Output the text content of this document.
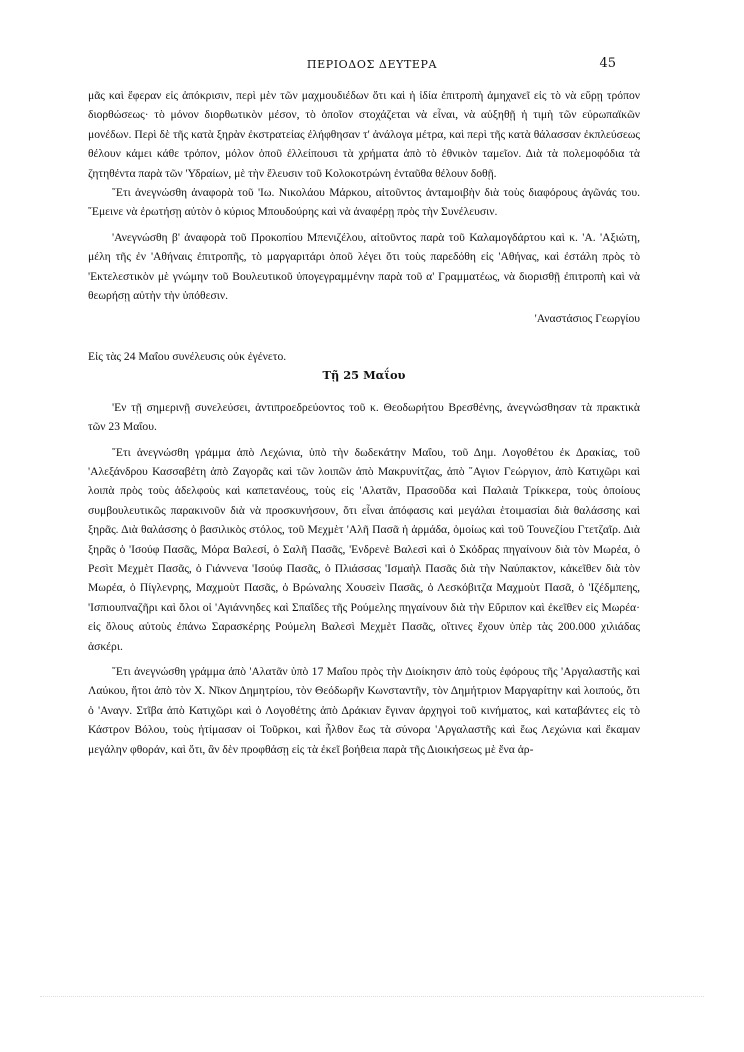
ΠΕΡΙΟΔΟΣ ΔΕΥΤΕΡΑ	45

μᾶς καὶ ἔφεραν εἰς ἀπόκρισιν, περὶ μὲν τῶν μαχμουδιέδων ὅτι καὶ ἡ ἰδία ἐπιτροπὴ ἀμηχανεῖ εἰς τὸ νὰ εὕρῃ τρόπον διορθώσεως· τὸ μόνον διορθωτικὸν μέσον, τὸ ὁποῖον στοχάζεται νὰ εἶναι, νὰ αὐξηθῇ ἡ τιμὴ τῶν εὐρωπαϊκῶν μονέδων. Περὶ δὲ τῆς κατὰ ξηρὰν ἐκστρατείας ἐλήφθησαν τ' ἀνάλογα μέτρα, καὶ περὶ τῆς κατὰ θάλασσαν ἐκπλεύσεως θέλουν κάμει κάθε τρόπον, μόλον ὁποῦ ἐλλείπουσι τὰ χρήματα ἀπὸ τὸ ἐθνικὸν ταμεῖον. Διὰ τὰ πολεμοφόδια τὰ ζητηθέντα παρὰ τῶν 'Υδραίων, μὲ τὴν ἔλευσιν τοῦ Κολοκοτρώνη ἐνταῦθα θέλουν δοθῇ.

῞Ετι ἀνεγνώσθη ἀναφορὰ τοῦ 'Ιω. Νικολάου Μάρκου, αἰτοῦντος ἀνταμοιβὴν διὰ τοὺς διαφόρους ἀγῶνάς του. ῞Εμεινε νὰ ἐρωτήσῃ αὐτὸν ὁ κύριος Μπουδούρης καὶ νὰ ἀναφέρῃ πρὸς τὴν Συνέλευσιν.

'Ανεγνώσθη β' ἀναφορὰ τοῦ Προκοπίου Μπενιζέλου, αἰτοῦντος παρὰ τοῦ Καλαμογδάρτου καὶ κ. 'Α. 'Αξιώτη, μέλη τῆς ἐν 'Αθήναις ἐπιτροπῆς, τὸ μαργαριτάρι ὁποῦ λέγει ὅτι τοὺς παρεδόθη εἰς 'Αθήνας, καὶ ἐστάλη πρὸς τὸ 'Εκτελεστικὸν μὲ γνώμην τοῦ Βουλευτικοῦ ὑπογεγραμμένην παρὰ τοῦ α' Γραμματέως, νὰ διορισθῇ ἐπιτροπὴ καὶ νὰ θεωρήσῃ αὐτὴν τὴν ὑπόθεσιν.

'Αναστάσιος Γεωργίου

Εἰς τὰς 24 Μαΐου συνέλευσις οὐκ ἐγένετο.

Τῇ 25 Μαΐου

'Εν τῇ σημερινῇ συνελεύσει, ἀντιπροεδρεύοντος τοῦ κ. Θεοδωρήτου Βρεσθένης, ἀνεγνώσθησαν τὰ πρακτικὰ τῶν 23 Μαΐου.

῞Ετι ἀνεγνώσθη γράμμα ἀπὸ Λεχώνια, ὑπὸ τὴν δωδεκάτην Μαΐου, τοῦ Δημ. Λογοθέτου ἐκ Δρακίας, τοῦ 'Αλεξάνδρου Κασσαβέτη ἀπὸ Ζαγορᾶς καὶ τῶν λοιπῶν ἀπὸ Μακρυνίτζας, ἀπὸ ῞Αγιον Γεώργιον, ἀπὸ Κατιχῶρι καὶ λοιπὰ πρὸς τοὺς ἀδελφοὺς καὶ καπετανέους, τοὺς εἰς 'Αλατᾶν, Πρασοῦδα καὶ Παλαιὰ Τρίκκερα, τοὺς ὁποίους συμβουλευτικῶς παρακινοῦν διὰ νὰ προσκυνήσουν, ὅτι εἶναι ἀπόφασις καὶ μεγάλαι ἑτοιμασίαι διὰ θαλάσσης καὶ ξηρᾶς. Διὰ θαλάσσης ὁ βασιλικὸς στόλος, τοῦ Μεχμὲτ 'Αλῆ Πασᾶ ἡ ἀρμάδα, ὁμοίως καὶ τοῦ Τουνεζίου Γτετζαῖρ. Διὰ ξηρᾶς ὁ 'Ισούφ Πασᾶς, Μόρα Βαλεσί, ὁ Σαλῆ Πασᾶς, 'Ενδρενὲ Βαλεσὶ καὶ ὁ Σκόδρας πηγαίνουν διὰ τὸν Μωρέα, ὁ Ρεσὶτ Μεχμὲτ Πασᾶς, ὁ Γιάννενα 'Ισούφ Πασᾶς, ὁ Πλιάσσας 'Ισμαὴλ Πασᾶς διὰ τὴν Ναύπακτον, κἀκεῖθεν διὰ τὸν Μωρέα, ὁ Πίγλενρης, Μαχμοὺτ Πασᾶς, ὁ Βρώναλης Χουσεὶν Πασᾶς, ὁ Λεσκόβιτζα Μαχμοὺτ Πασᾶ, ὁ 'Ιζέδμπεης, 'Ισπιουπναζῆρι καὶ ὅλοι οἱ 'Αγιάννηδες καὶ Σπαΐδες τῆς Ρούμελης πηγαίνουν διὰ τὴν Εὔριπον καὶ ἐκεῖθεν εἰς Μωρέα· εἰς ὅλους αὐτοὺς ἐπάνω Σαρασκέρης Ρούμελη Βαλεσὶ Μεχμὲτ Πασᾶς, οἵτινες ἔχουν ὑπὲρ τὰς 200.000 χιλιάδας ἀσκέρι.

῞Ετι ἀνεγνώσθη γράμμα ἀπὸ 'Αλατᾶν ὑπὸ 17 Μαΐου πρὸς τὴν Διοίκησιν ἀπὸ τοὺς ἐφόρους τῆς 'Αργαλαστῆς καὶ Λαύκου, ἤτοι ἀπὸ τὸν Χ. Νῖκον Δημητρίου, τὸν Θεόδωρῆν Κωνσταντῆν, τὸν Δημήτριον Μαργαρίτην καὶ λοιπούς, ὅτι ὁ 'Αναγν. Στῖβα ἀπὸ Κατιχῶρι καὶ ὁ Λογοθέτης ἀπὸ Δράκιαν ἔγιναν ἀρχηγοὶ τοῦ κινήματος, καὶ καταβάντες εἰς τὸ Κάστρον Βόλου, τοὺς ἠτίμασαν οἱ Τοῦρκοι, καὶ ἦλθον ἕως τὰ σύνορα 'Αργαλαστῆς καὶ ἕως Λεχώνια καὶ ἔκαμαν μεγάλην φθοράν, καὶ ὅτι, ἂν δὲν προφθάσῃ εἰς τὰ ἐκεῖ βοήθεια παρὰ τῆς Διοικήσεως μὲ ἕνα ἀρ-
